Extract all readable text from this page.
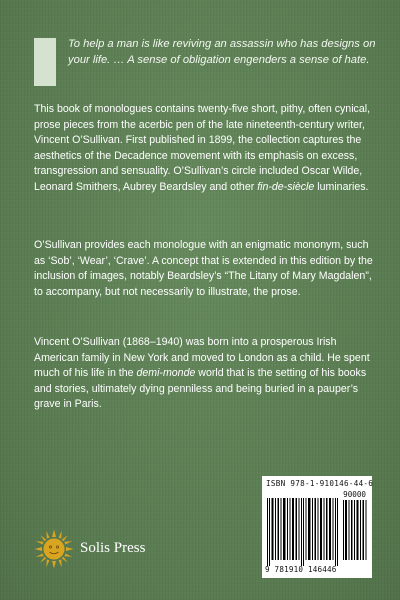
To help a man is like reviving an assassin who has designs on your life. … A sense of obligation engenders a sense of hate.

This book of monologues contains twenty-five short, pithy, often cynical, prose pieces from the acerbic pen of the late nineteenth-century writer, Vincent O’Sullivan. First published in 1899, the collection captures the aesthetics of the Decadence movement with its emphasis on excess, transgression and sensuality. O’Sullivan’s circle included Oscar Wilde, Leonard Smithers, Aubrey Beardsley and other fin-de-siècle luminaries.

O’Sullivan provides each monologue with an enigmatic mononym, such as ‘Sob’, ‘Wear’, ‘Crave’. A concept that is extended in this edition by the inclusion of images, notably Beardsley’s “The Litany of Mary Magdalen”, to accompany, but not necessarily to illustrate, the prose.

Vincent O’Sullivan (1868–1940) was born into a prosperous Irish American family in New York and moved to London as a child. He spent much of his life in the demi-monde world that is the setting of his books and stories, ultimately dying penniless and being buried in a pauper’s grave in Paris.

ISBN 978-1-910146-44-6
90000
9 781910 146446
Solis Press
